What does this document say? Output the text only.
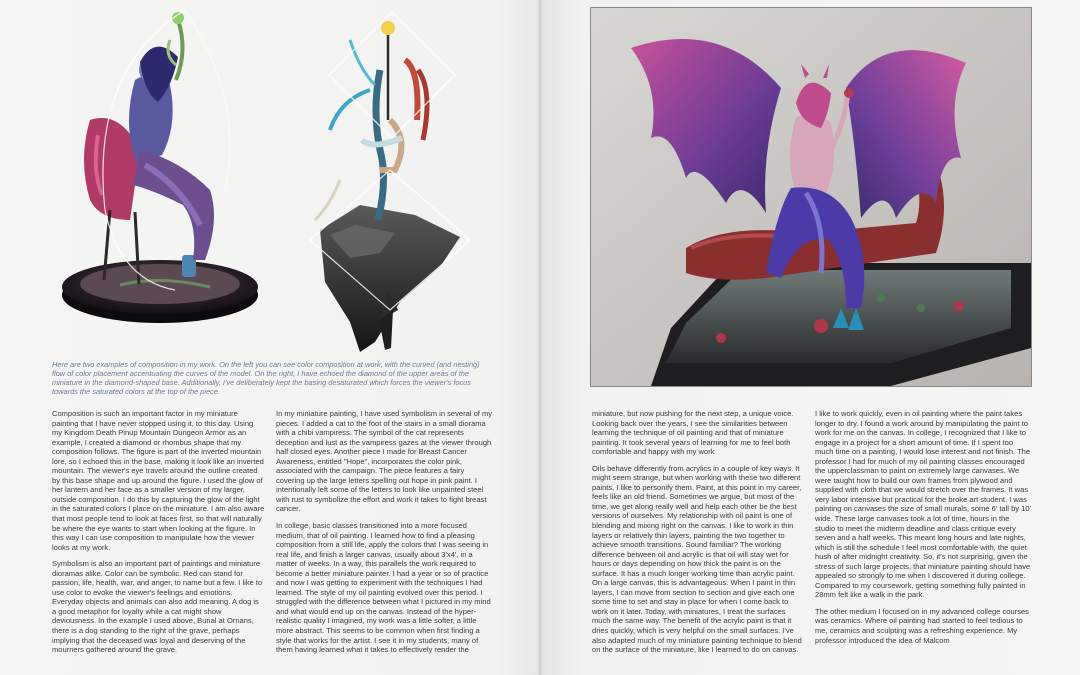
Here are two examples of composition in my work. On the left you can see color composition at work, with the curved (and nesting) flow of color placement accentuating the curves of the model. On the right, I have echoed the diamond of the upper areas of the miniature in the diamond-shaped base. Additionally, I've deliberately kept the basing desaturated which forces the viewer's focus towards the saturated colors at the top of the piece.

Composition is such an important factor in my miniature painting that I have never stopped using it, to this day. Using my Kingdom Death Pinup Mountain Dungeon Armor as an example, I created a diamond or rhombus shape that my composition follows. The figure is part of the inverted mountain lore, so I echoed this in the base, making it look like an inverted mountain. The viewer's eye travels around the outline created by this base shape and up around the figure. I used the glow of her lantern and her face as a smaller version of my larger, outside composition. I do this by capturing the glow of the light in the saturated colors I place on the miniature. I am also aware that most people tend to look at faces first, so that will naturally be where the eye wants to start when looking at the figure. In this way I can use composition to manipulate how the viewer looks at my work.

Symbolism is also an important part of paintings and miniature dioramas alike. Color can be symbolic. Red can stand for passion, life, health, war, and anger, to name but a few. I like to use color to evoke the viewer's feelings and emotions. Everyday objects and animals can also add meaning. A dog is a good metaphor for loyalty while a cat might show deviousness. In the example I used above, Burial at Ornans, there is a dog standing to the right of the grave, perhaps implying that the deceased was loyal and deserving of the mourners gathered around the grave.

In my miniature painting, I have used symbolism in several of my pieces. I added a cat to the foot of the stairs in a small diorama with a chibi vampiress. The symbol of the cat represents deception and lust as the vampiress gazes at the viewer through half closed eyes. Another piece I made for Breast Cancer Awareness, entitled "Hope", incorporates the color pink, associated with the campaign. The piece features a fairy covering up the large letters spelling out hope in pink paint. I intentionally left some of the letters to look like unpainted steel with rust to symbolize the effort and work it takes to fight breast cancer.

In college, basic classes transitioned into a more focused medium, that of oil painting. I learned how to find a pleasing composition from a still life, apply the colors that I was seeing in real life, and finish a larger canvas, usually about 3'x4', in a matter of weeks. In a way, this parallels the work required to become a better miniature painter. I had a year or so of practice and now I was getting to experiment with the techniques I had learned. The style of my oil painting evolved over this period. I struggled with the difference between what I pictured in my mind and what would end up on the canvas. Instead of the hyper-realistic quality I imagined, my work was a little softer, a little more abstract. This seems to be common when first finding a style that works for the artist. I see it in my students, many of them having learned what it takes to effectively render the

miniature, but now pushing for the next step, a unique voice. Looking back over the years, I see the similarities between learning the technique of oil painting and that of miniature painting. It took several years of learning for me to feel both comfortable and happy with my work

Oils behave differently from acrylics in a couple of key ways. It might seem strange, but when working with these two different paints, I like to personify them. Paint, at this point in my career, feels like an old friend. Sometimes we argue, but most of the time, we get along really well and help each other be the best versions of ourselves. My relationship with oil paint is one of blending and mixing right on the canvas. I like to work in thin layers or relatively thin layers, painting the two together to achieve smooth transitions. Sound familiar? The working difference between oil and acrylic is that oil will stay wet for hours or days depending on how thick the paint is on the surface. It has a much longer working time than acrylic paint. On a large canvas, this is advantageous. When I paint in thin layers, I can move from section to section and give each one some time to set and stay in place for when I come back to work on it later. Today, with miniatures, I treat the surfaces much the same way. The benefit of the acrylic paint is that it dries quickly, which is very helpful on the small surfaces. I've also adapted much of my miniature painting technique to blend on the surface of the miniature, like I learned to do on canvas.

I like to work quickly, even in oil painting where the paint takes longer to dry. I found a work around by manipulating the paint to work for me on the canvas. In college, I recognized that I like to engage in a project for a short amount of time. If I spent too much time on a painting, I would lose interest and not finish. The professor I had for much of my oil painting classes encouraged the upperclassman to paint on extremely large canvases. We were taught how to build our own frames from plywood and supplied with cloth that we would stretch over the frames. It was very labor intensive but practical for the broke art student. I was painting on canvases the size of small murals, some 6' tall by 10' wide. These large canvases took a lot of time, hours in the studio to meet the midterm deadline and class critique every seven and a half weeks. This meant long hours and late nights, which is still the schedule I feel most comfortable with, the quiet hush of after midnight creativity. So, it's not surprising, given the stress of such large projects, that miniature painting should have appealed so strongly to me when I discovered it during college. Compared to my coursework, getting something fully painted in 28mm felt like a walk in the park.

The other medium I focused on in my advanced college courses was ceramics. Where oil painting had started to feel tedious to me, ceramics and sculpting was a refreshing experience. My professor introduced the idea of Malcom
